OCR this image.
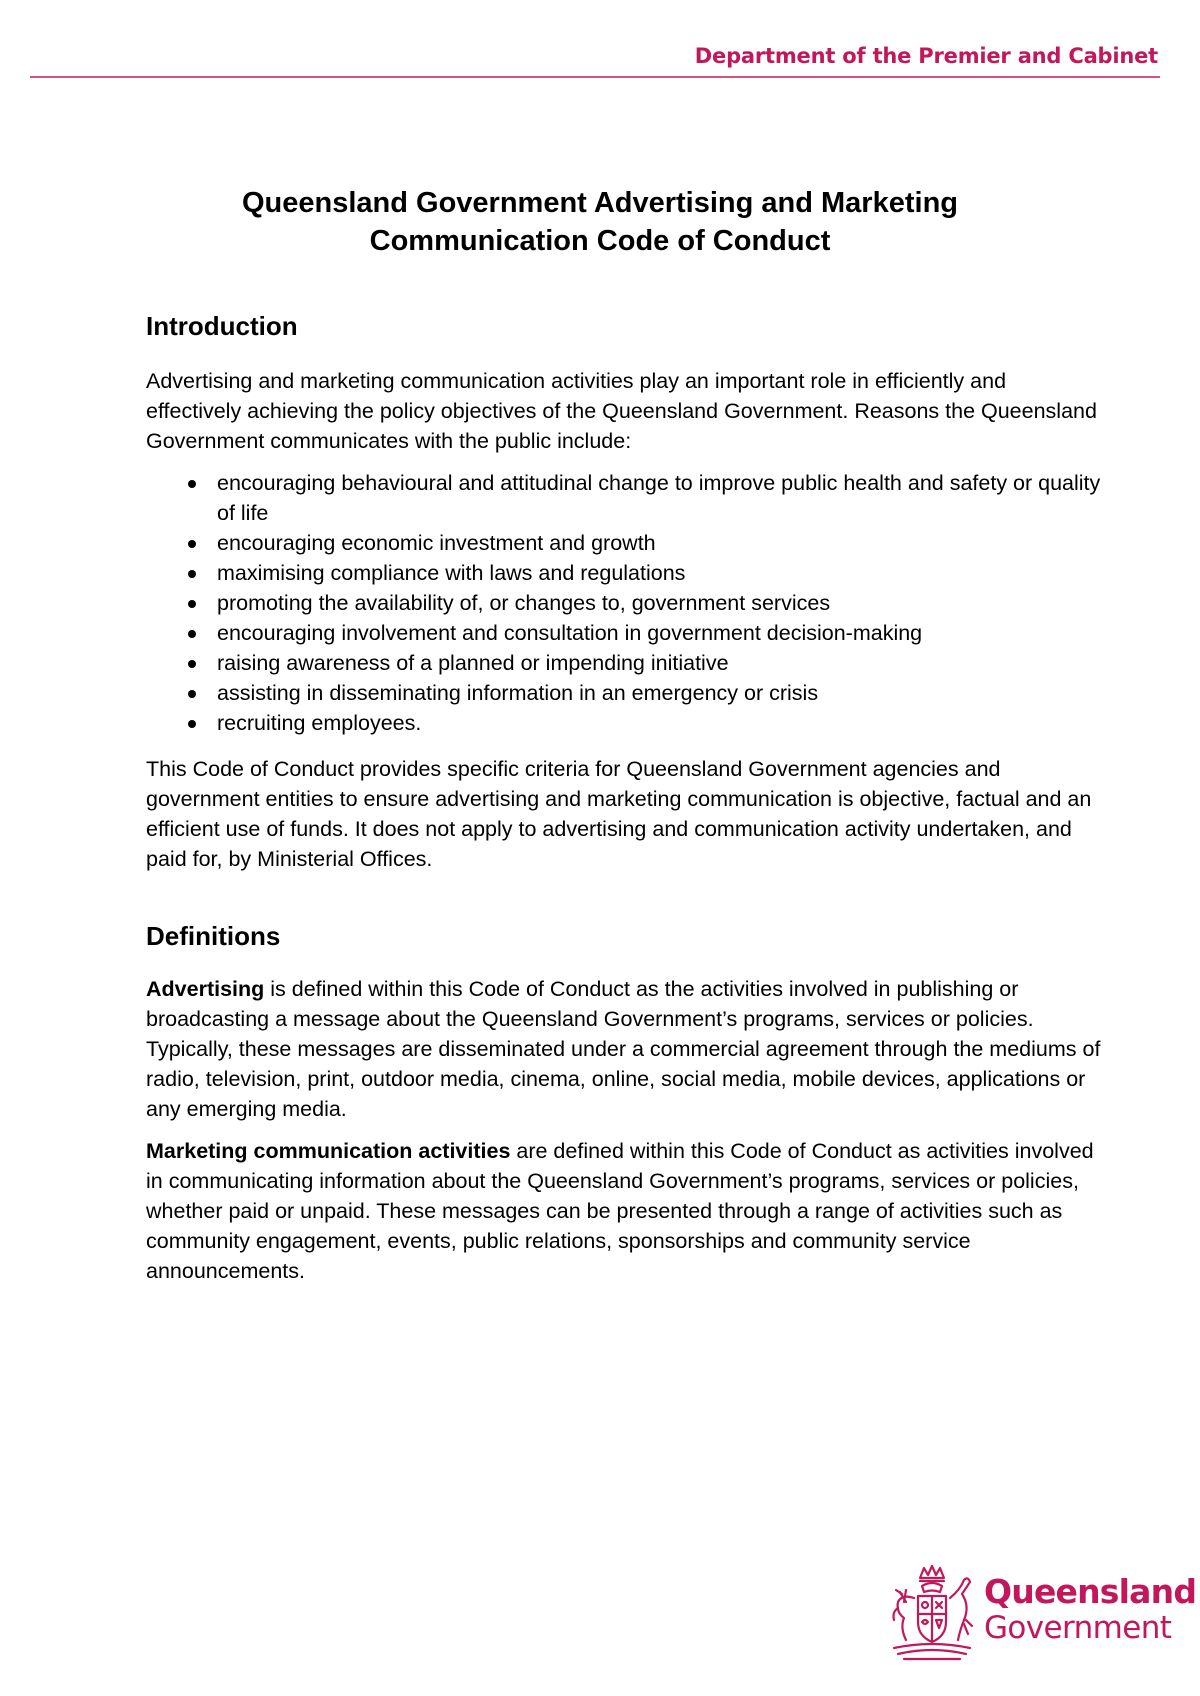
Department of the Premier and Cabinet
Queensland Government Advertising and Marketing
Communication Code of Conduct
Introduction

Advertising and marketing communication activities play an important role in efficiently and effectively achieving the policy objectives of the Queensland Government. Reasons the Queensland Government communicates with the public include:

encouraging behavioural and attitudinal change to improve public health and safety or quality of life
encouraging economic investment and growth
maximising compliance with laws and regulations
promoting the availability of, or changes to, government services
encouraging involvement and consultation in government decision-making
raising awareness of a planned or impending initiative
assisting in disseminating information in an emergency or crisis
recruiting employees.

This Code of Conduct provides specific criteria for Queensland Government agencies and government entities to ensure advertising and marketing communication is objective, factual and an efficient use of funds. It does not apply to advertising and communication activity undertaken, and paid for, by Ministerial Offices.

Definitions

Advertising is defined within this Code of Conduct as the activities involved in publishing or broadcasting a message about the Queensland Government’s programs, services or policies. Typically, these messages are disseminated under a commercial agreement through the mediums of radio, television, print, outdoor media, cinema, online, social media, mobile devices, applications or any emerging media.

Marketing communication activities are defined within this Code of Conduct as activities involved in communicating information about the Queensland Government’s programs, services or policies, whether paid or unpaid. These messages can be presented through a range of activities such as community engagement, events, public relations, sponsorships and community service announcements.

Queensland
Government
